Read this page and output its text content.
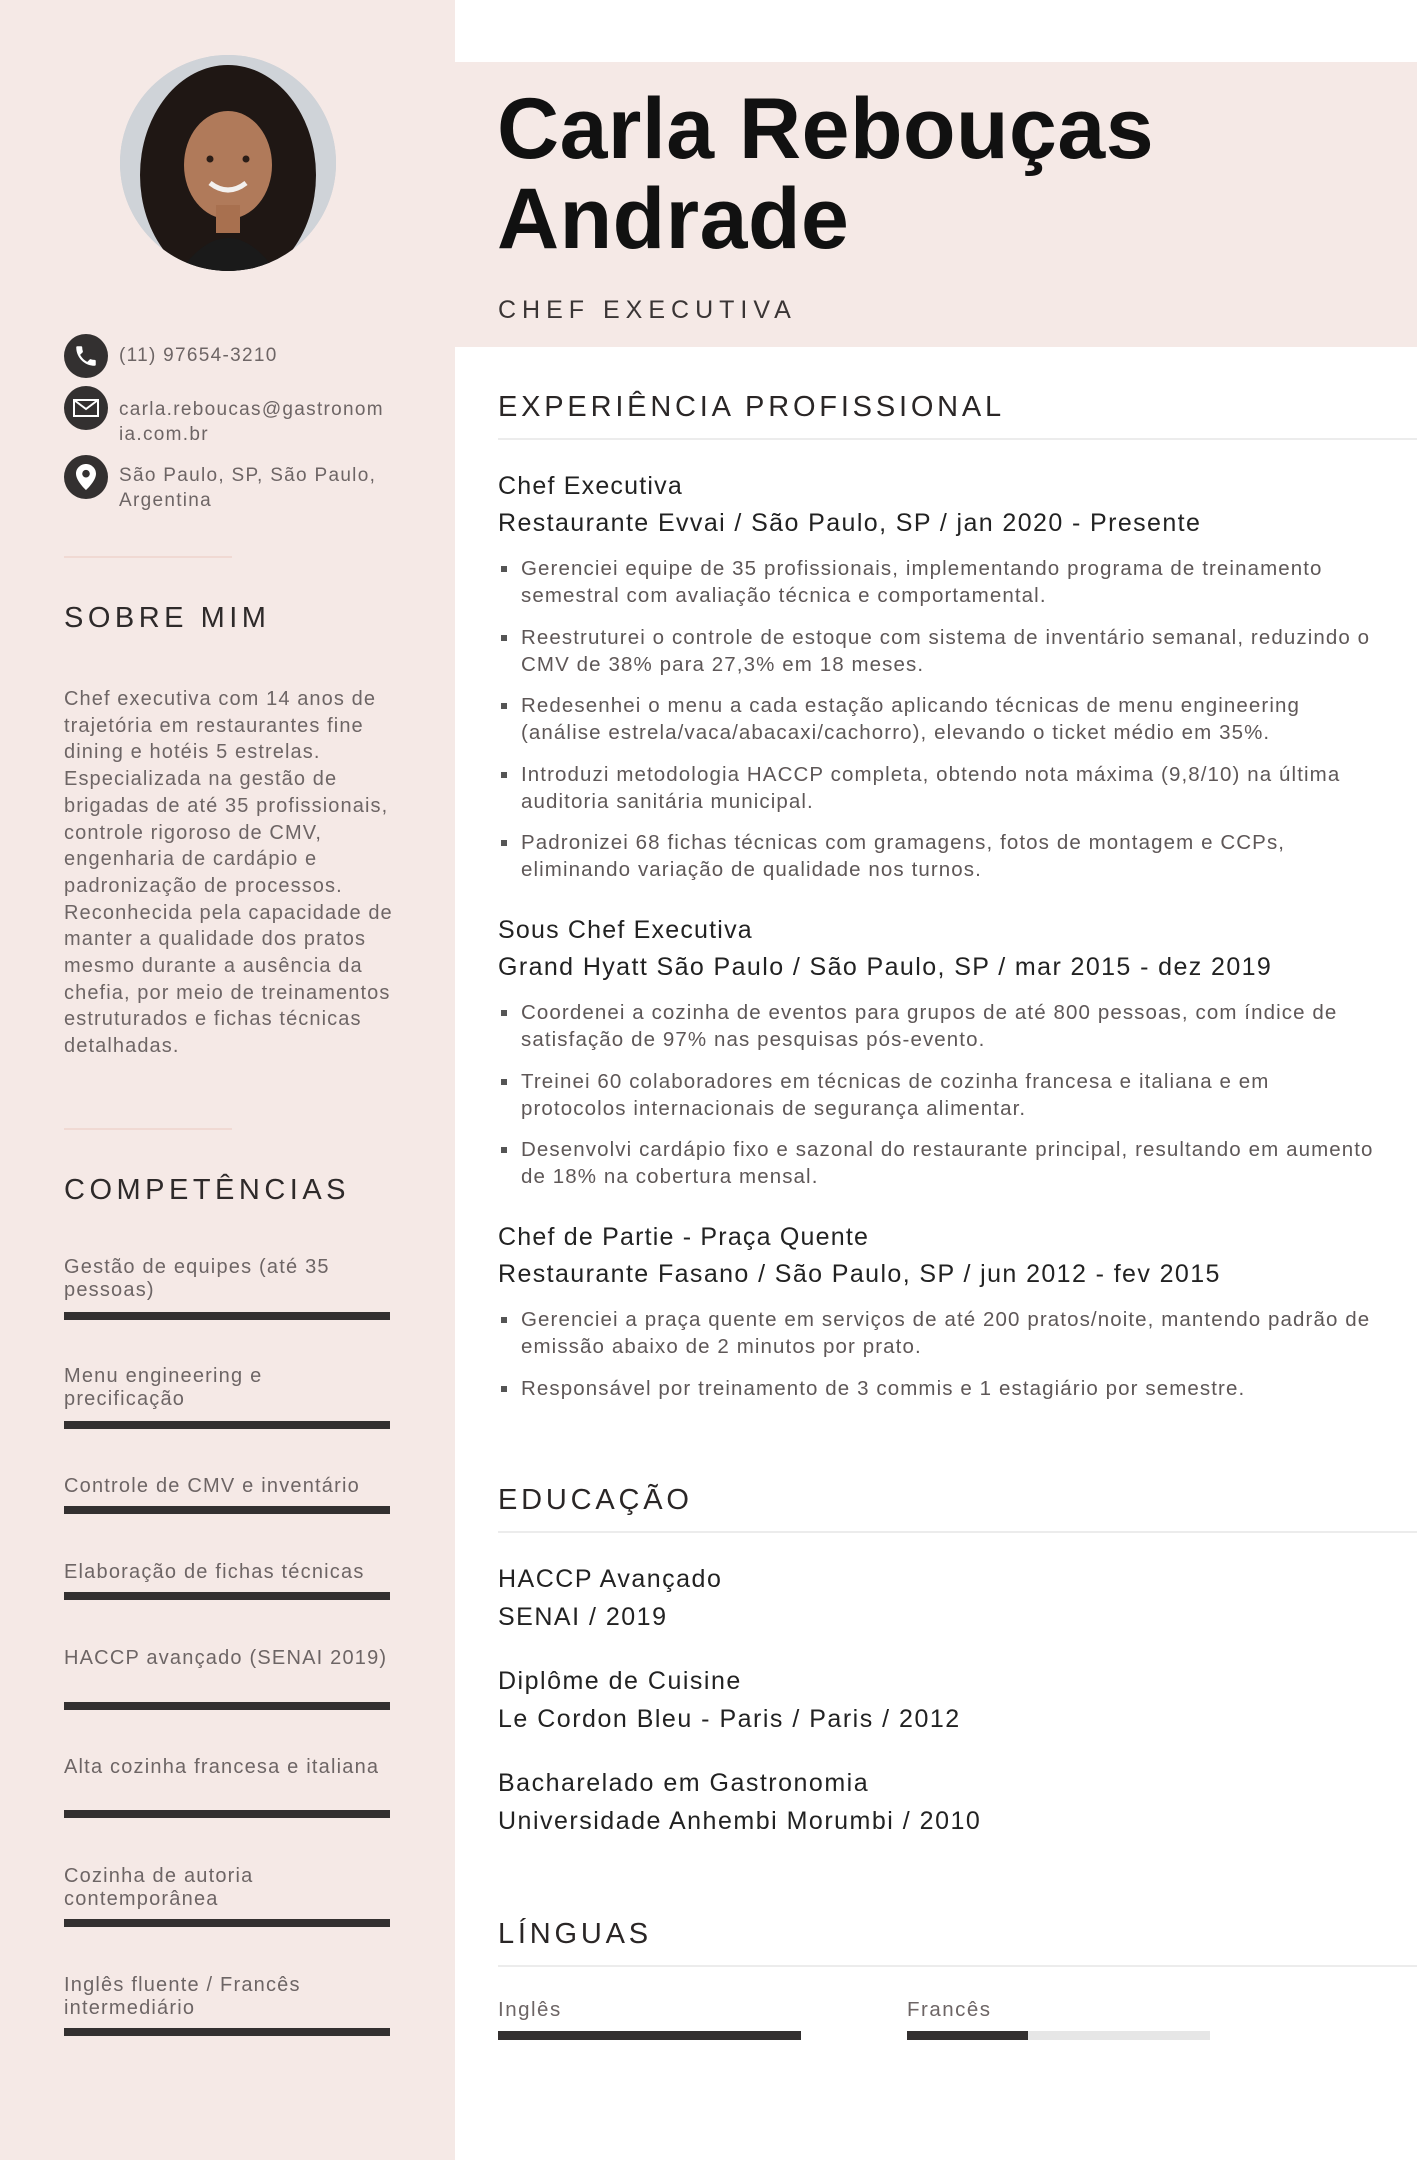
(11) 97654-3210
carla.reboucas@gastronomia.com.br
São Paulo, SP, São Paulo, Argentina
SOBRE MIM
Chef executiva com 14 anos de trajetória em restaurantes fine dining e hotéis 5 estrelas. Especializada na gestão de brigadas de até 35 profissionais, controle rigoroso de CMV, engenharia de cardápio e padronização de processos. Reconhecida pela capacidade de manter a qualidade dos pratos mesmo durante a ausência da chefia, por meio de treinamentos estruturados e fichas técnicas detalhadas.
COMPETÊNCIAS
Gestão de equipes (até 35 pessoas)
Menu engineering e precificação
Controle de CMV e inventário
Elaboração de fichas técnicas
HACCP avançado (SENAI 2019)
Alta cozinha francesa e italiana
Cozinha de autoria contemporânea
Inglês fluente / Francês intermediário
Carla Rebouças
Andrade
CHEF EXECUTIVA
EXPERIÊNCIA PROFISSIONAL
Chef Executiva
Restaurante Evvai / São Paulo, SP / jan 2020 - Presente
Gerenciei equipe de 35 profissionais, implementando programa de treinamento semestral com avaliação técnica e comportamental.
Reestruturei o controle de estoque com sistema de inventário semanal, reduzindo o CMV de 38% para 27,3% em 18 meses.
Redesenhei o menu a cada estação aplicando técnicas de menu engineering (análise estrela/vaca/abacaxi/cachorro), elevando o ticket médio em 35%.
Introduzi metodologia HACCP completa, obtendo nota máxima (9,8/10) na última auditoria sanitária municipal.
Padronizei 68 fichas técnicas com gramagens, fotos de montagem e CCPs, eliminando variação de qualidade nos turnos.
Sous Chef Executiva
Grand Hyatt São Paulo / São Paulo, SP / mar 2015 - dez 2019
Coordenei a cozinha de eventos para grupos de até 800 pessoas, com índice de satisfação de 97% nas pesquisas pós-evento.
Treinei 60 colaboradores em técnicas de cozinha francesa e italiana e em protocolos internacionais de segurança alimentar.
Desenvolvi cardápio fixo e sazonal do restaurante principal, resultando em aumento de 18% na cobertura mensal.
Chef de Partie - Praça Quente
Restaurante Fasano / São Paulo, SP / jun 2012 - fev 2015
Gerenciei a praça quente em serviços de até 200 pratos/noite, mantendo padrão de emissão abaixo de 2 minutos por prato.
Responsável por treinamento de 3 commis e 1 estagiário por semestre.
EDUCAÇÃO
HACCP Avançado
SENAI / 2019
Diplôme de Cuisine
Le Cordon Bleu - Paris / Paris / 2012
Bacharelado em Gastronomia
Universidade Anhembi Morumbi / 2010
LÍNGUAS
Inglês	Francês
